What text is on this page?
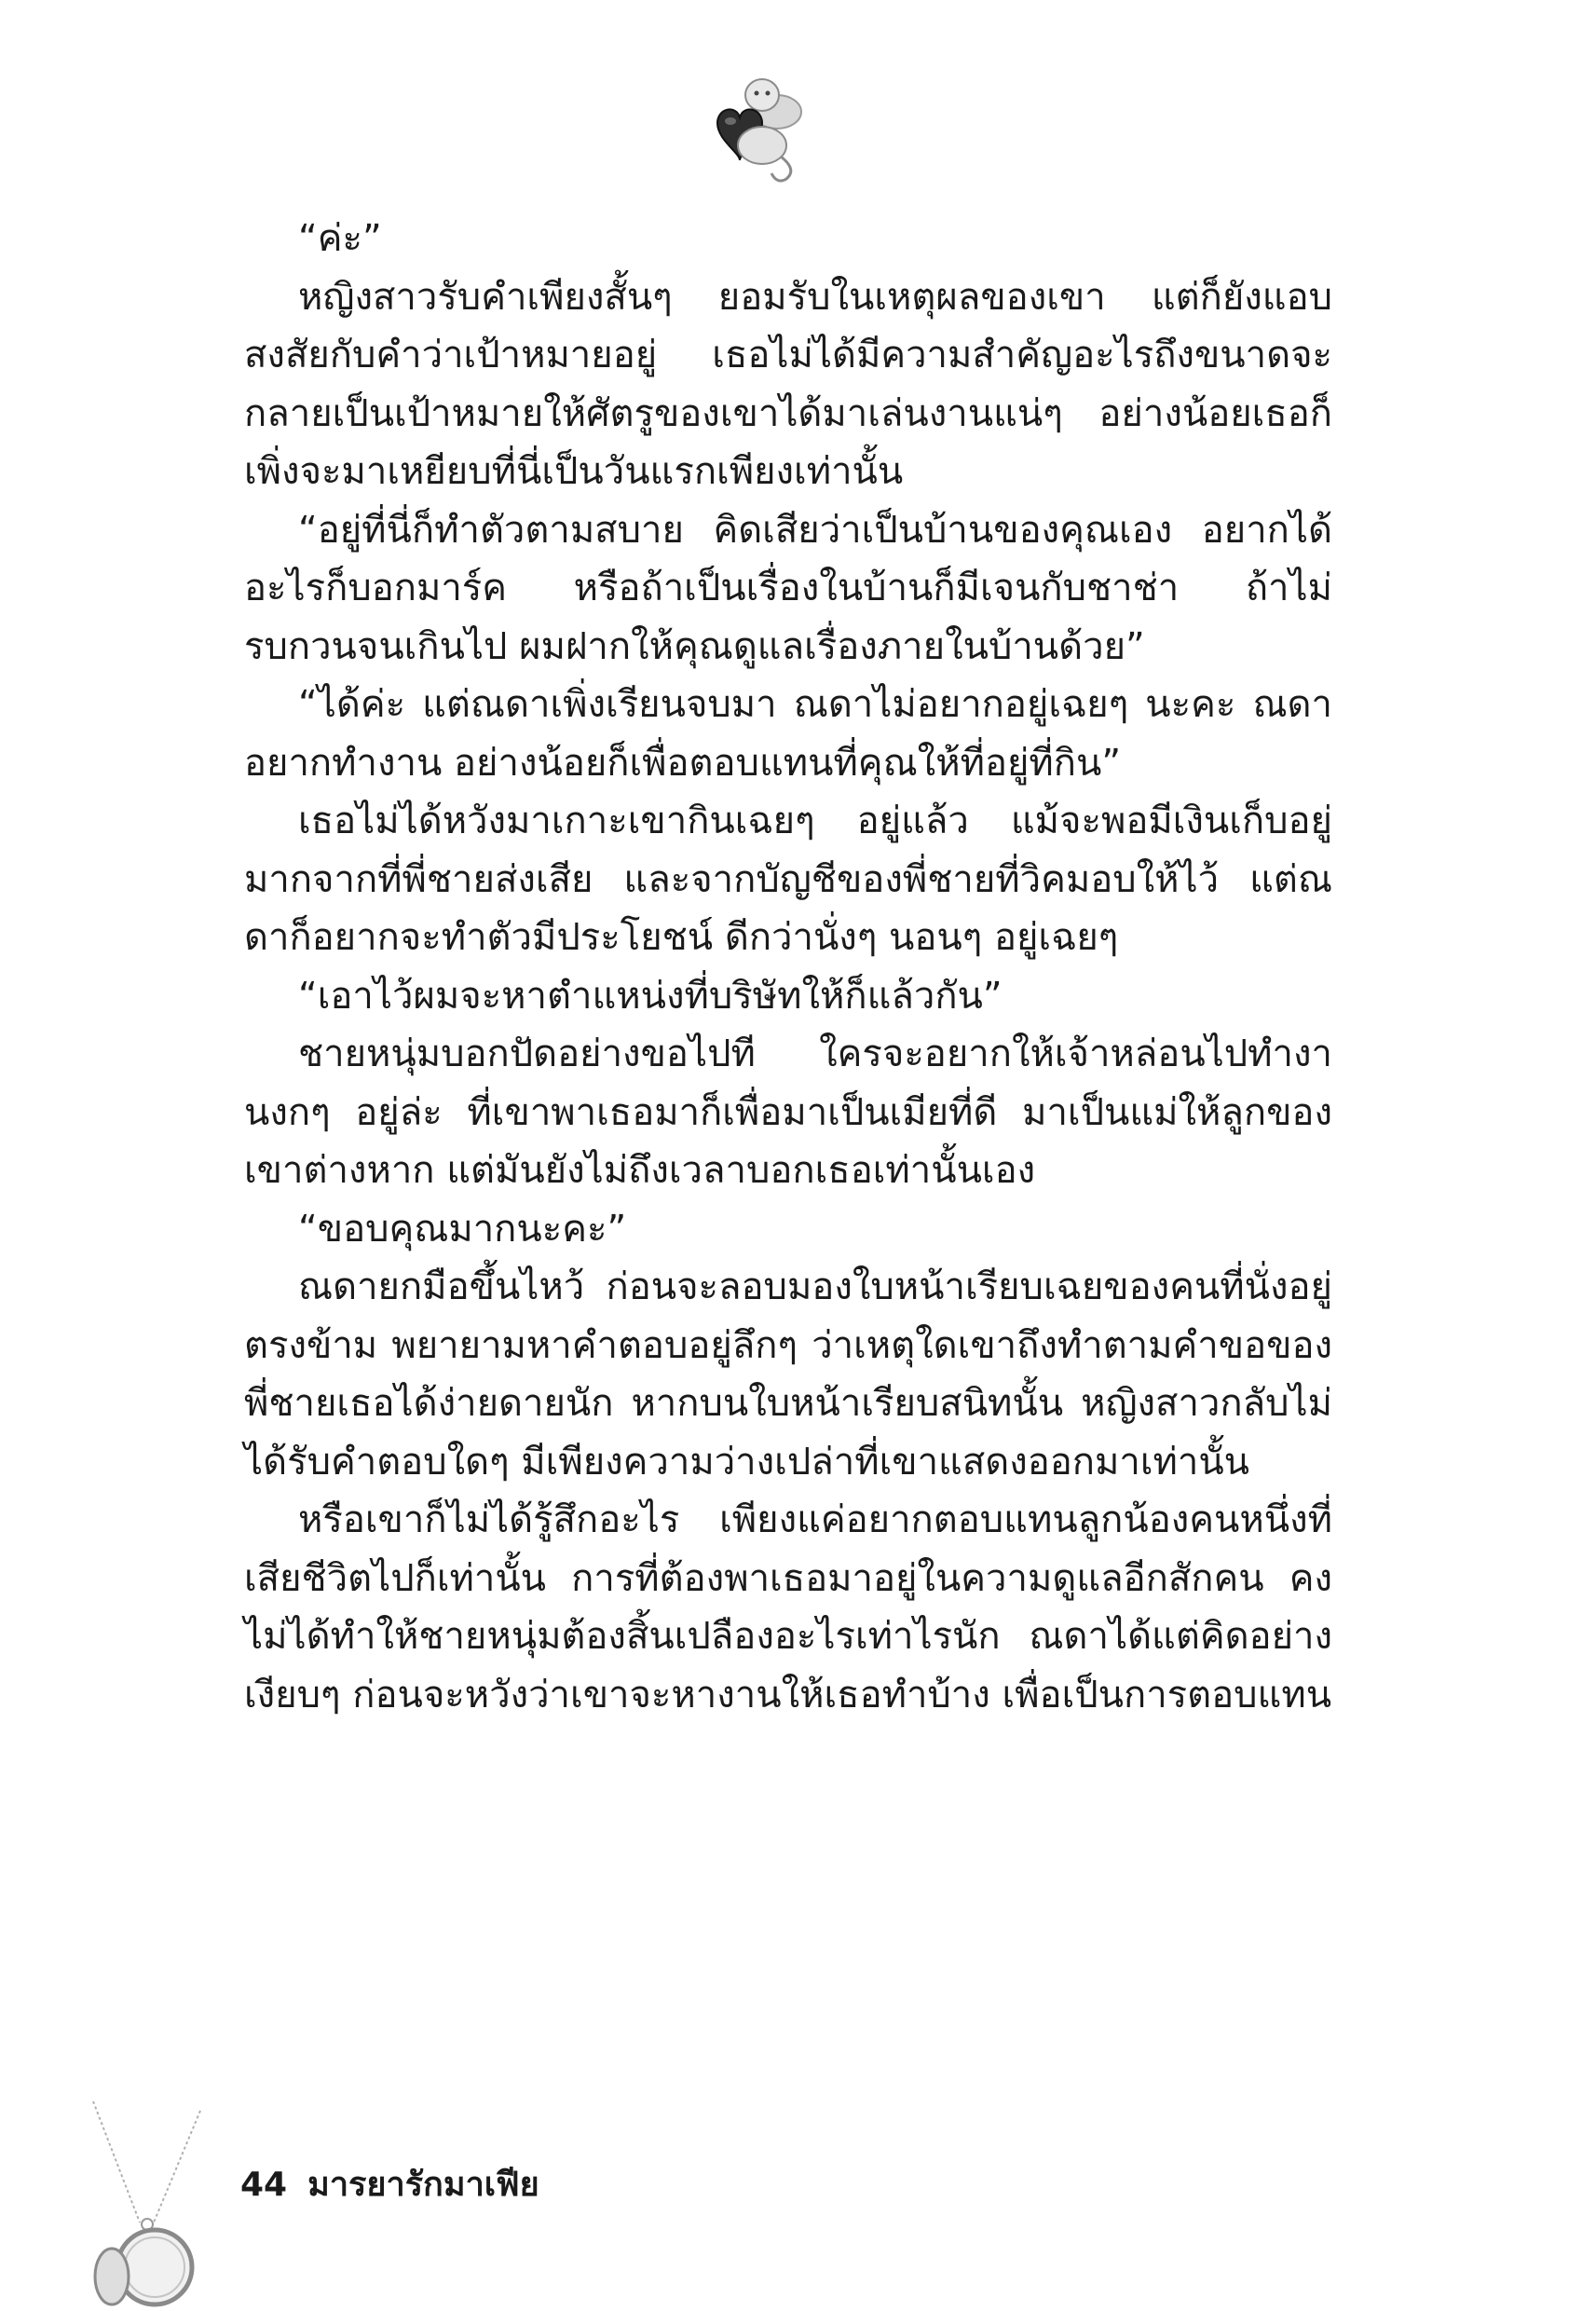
“ค่ะ”

หญิงสาวรับคำเพียงสั้นๆ ยอมรับในเหตุผลของเขา แต่ก็ยังแอบสงสัยกับคำว่าเป้าหมายอยู่ เธอไม่ได้มีความสำคัญอะไรถึงขนาดจะกลายเป็นเป้าหมายให้ศัตรูของเขาได้มาเล่นงานแน่ๆ อย่างน้อยเธอก็เพิ่งจะมาเหยียบที่นี่เป็นวันแรกเพียงเท่านั้น

“อยู่ที่นี่ก็ทำตัวตามสบาย คิดเสียว่าเป็นบ้านของคุณเอง อยากได้อะไรก็บอกมาร์ค หรือถ้าเป็นเรื่องในบ้านก็มีเจนกับชาช่า ถ้าไม่รบกวนจนเกินไป ผมฝากให้คุณดูแลเรื่องภายในบ้านด้วย”

“ได้ค่ะ แต่ณดาเพิ่งเรียนจบมา ณดาไม่อยากอยู่เฉยๆ นะคะ ณดาอยากทำงาน อย่างน้อยก็เพื่อตอบแทนที่คุณให้ที่อยู่ที่กิน”

เธอไม่ได้หวังมาเกาะเขากินเฉยๆ อยู่แล้ว แม้จะพอมีเงินเก็บอยู่มากจากที่พี่ชายส่งเสีย และจากบัญชีของพี่ชายที่วิคมอบให้ไว้ แต่ณดาก็อยากจะทำตัวมีประโยชน์ ดีกว่านั่งๆ นอนๆ อยู่เฉยๆ

“เอาไว้ผมจะหาตำแหน่งที่บริษัทให้ก็แล้วกัน”

ชายหนุ่มบอกปัดอย่างขอไปที ใครจะอยากให้เจ้าหล่อนไปทำงานงกๆ อยู่ล่ะ ที่เขาพาเธอมาก็เพื่อมาเป็นเมียที่ดี มาเป็นแม่ให้ลูกของเขาต่างหาก แต่มันยังไม่ถึงเวลาบอกเธอเท่านั้นเอง

“ขอบคุณมากนะคะ”

ณดายกมือขึ้นไหว้ ก่อนจะลอบมองใบหน้าเรียบเฉยของคนที่นั่งอยู่ตรงข้าม พยายามหาคำตอบอยู่ลึกๆ ว่าเหตุใดเขาถึงทำตามคำขอของพี่ชายเธอได้ง่ายดายนัก หากบนใบหน้าเรียบสนิทนั้น หญิงสาวกลับไม่ได้รับคำตอบใดๆ มีเพียงความว่างเปล่าที่เขาแสดงออกมาเท่านั้น

หรือเขาก็ไม่ได้รู้สึกอะไร เพียงแค่อยากตอบแทนลูกน้องคนหนึ่งที่เสียชีวิตไปก็เท่านั้น การที่ต้องพาเธอมาอยู่ในความดูแลอีกสักคน คงไม่ได้ทำให้ชายหนุ่มต้องสิ้นเปลืองอะไรเท่าไรนัก ณดาได้แต่คิดอย่างเงียบๆ ก่อนจะหวังว่าเขาจะหางานให้เธอทำบ้าง เพื่อเป็นการตอบแทน

44 มารยารักมาเฟีย
